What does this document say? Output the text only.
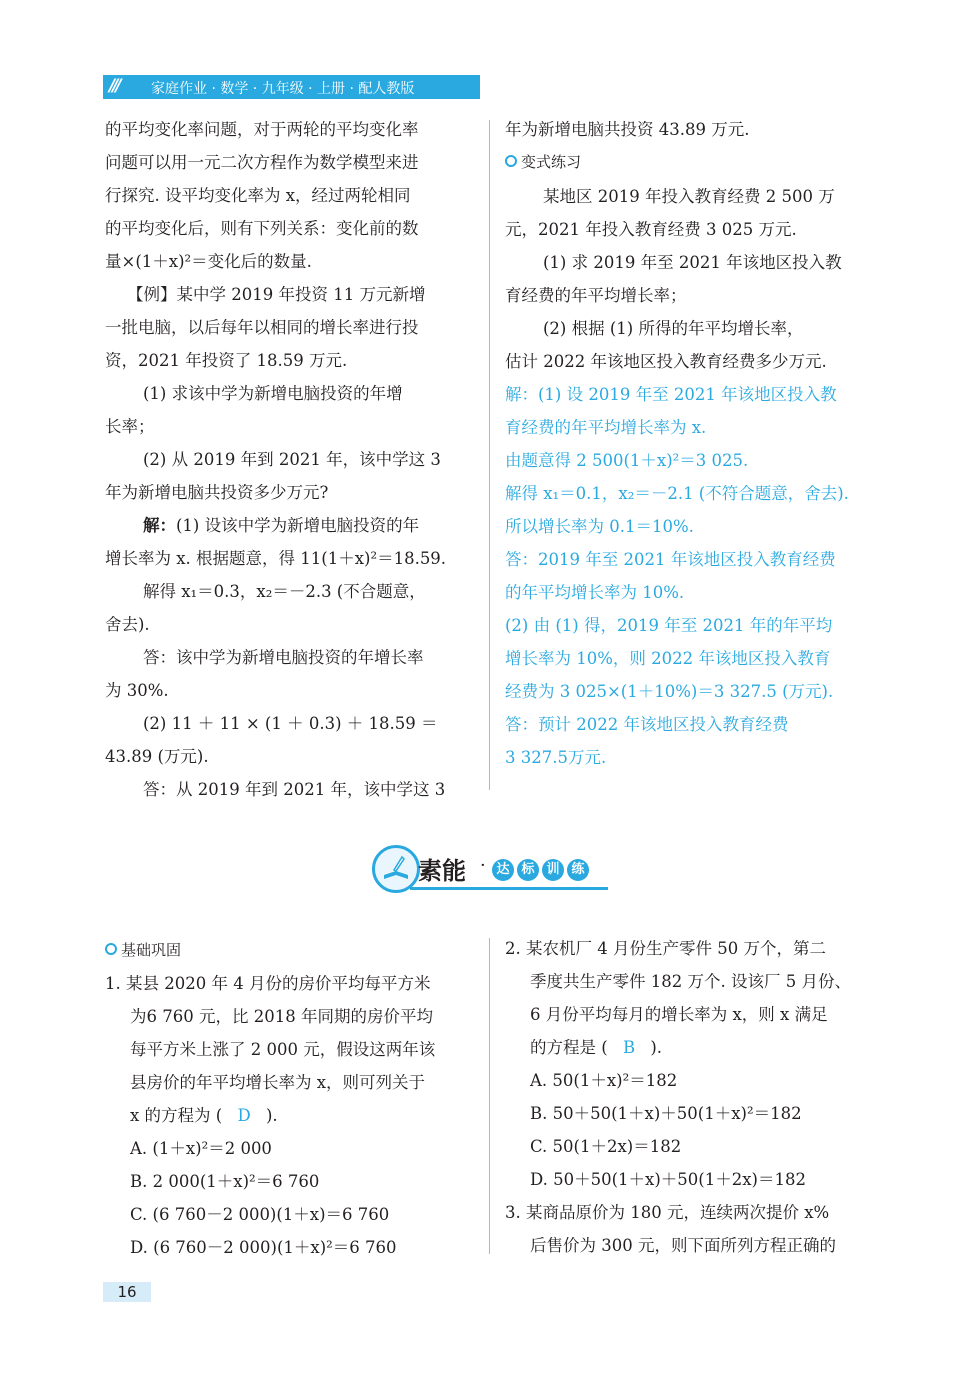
/// 家庭作业 · 数学 · 九年级 · 上册 · 配人教版
的平均变化率问题，对于两轮的平均变化率
问题可以用一元二次方程作为数学模型来进
行探究. 设平均变化率为 x，经过两轮相同
的平均变化后，则有下列关系：变化前的数
量×(1＋x)²＝变化后的数量.
【例】某中学 2019 年投资 11 万元新增
一批电脑，以后每年以相同的增长率进行投
资，2021 年投资了 18.59 万元.
(1) 求该中学为新增电脑投资的年增
长率；
(2) 从 2019 年到 2021 年，该中学这 3
年为新增电脑共投资多少万元?
解：(1) 设该中学为新增电脑投资的年
增长率为 x. 根据题意，得 11(1＋x)²＝18.59.
解得 x₁＝0.3，x₂＝－2.3 (不合题意，
舍去).
答：该中学为新增电脑投资的年增长率
为 30%.
(2) 11 ＋ 11 × (1 ＋ 0.3) ＋ 18.59 ＝
43.89 (万元).
答：从 2019 年到 2021 年，该中学这 3
年为新增电脑共投资 43.89 万元.
变式练习
某地区 2019 年投入教育经费 2 500 万
元，2021 年投入教育经费 3 025 万元.
(1) 求 2019 年至 2021 年该地区投入教
育经费的年平均增长率；
(2) 根据 (1) 所得的年平均增长率，
估计 2022 年该地区投入教育经费多少万元.
解：(1) 设 2019 年至 2021 年该地区投入教
育经费的年平均增长率为 x.
由题意得 2 500(1＋x)²＝3 025.
解得 x₁＝0.1，x₂＝－2.1 (不符合题意，舍去).
所以增长率为 0.1＝10%.
答：2019 年至 2021 年该地区投入教育经费
的年平均增长率为 10%.
(2) 由 (1) 得，2019 年至 2021 年的年平均
增长率为 10%，则 2022 年该地区投入教育
经费为 3 025×(1＋10%)＝3 327.5 (万元).
答：预计 2022 年该地区投入教育经费
3 327.5万元.
素能 · 达 标 训 练
基础巩固
1. 某县 2020 年 4 月份的房价平均每平方米
为6 760 元，比 2018 年同期的房价平均
每平方米上涨了 2 000 元，假设这两年该
县房价的年平均增长率为 x，则可列关于
x 的方程为 ( D ).
A. (1＋x)²＝2 000
B. 2 000(1＋x)²＝6 760
C. (6 760－2 000)(1＋x)＝6 760
D. (6 760－2 000)(1＋x)²＝6 760
2. 某农机厂 4 月份生产零件 50 万个，第二
季度共生产零件 182 万个. 设该厂 5 月份、
6 月份平均每月的增长率为 x，则 x 满足
的方程是 ( B ).
A. 50(1＋x)²＝182
B. 50＋50(1＋x)＋50(1＋x)²＝182
C. 50(1＋2x)＝182
D. 50＋50(1＋x)＋50(1＋2x)＝182
3. 某商品原价为 180 元，连续两次提价 x%
后售价为 300 元，则下面所列方程正确的
16
